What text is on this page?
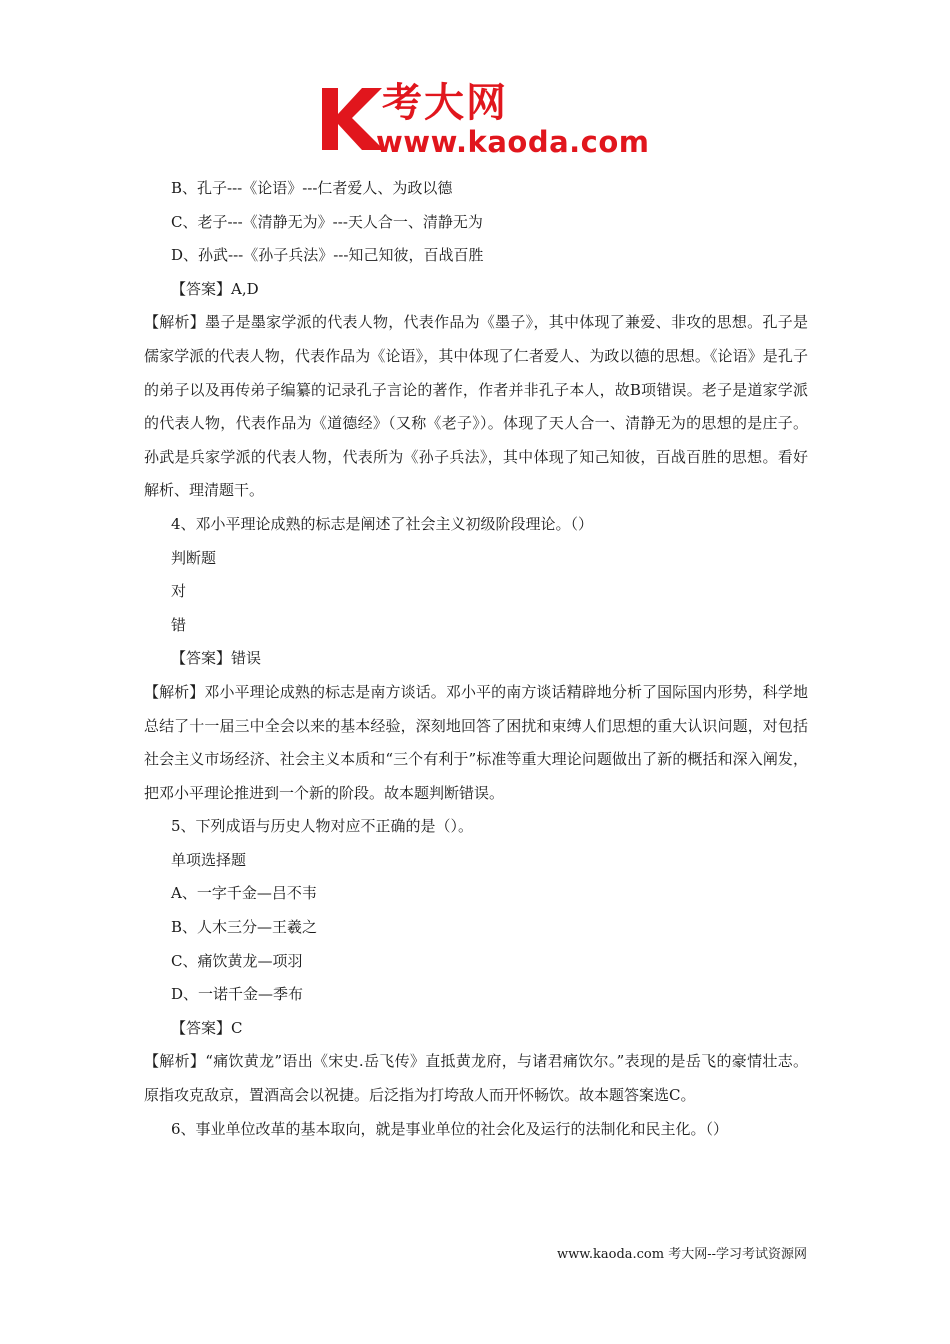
考大网
www.kaoda.com
B、孔子---《论语》---仁者爱人、为政以德
C、老子---《清静无为》---天人合一、清静无为
D、孙武---《孙子兵法》---知己知彼，百战百胜
【答案】A,D
【解析】墨子是墨家学派的代表人物，代表作品为《墨子》，其中体现了兼爱、非攻的思想。孔子是儒家学派的代表人物，代表作品为《论语》，其中体现了仁者爱人、为政以德的思想。《论语》是孔子的弟子以及再传弟子编纂的记录孔子言论的著作，作者并非孔子本人，故B项错误。老子是道家学派的代表人物，代表作品为《道德经》（又称《老子》）。体现了天人合一、清静无为的思想的是庄子。孙武是兵家学派的代表人物，代表所为《孙子兵法》，其中体现了知己知彼，百战百胜的思想。看好解析、理清题干。
4、邓小平理论成熟的标志是阐述了社会主义初级阶段理论。（）
判断题
对
错
【答案】错误
【解析】邓小平理论成熟的标志是南方谈话。邓小平的南方谈话精辟地分析了国际国内形势，科学地总结了十一届三中全会以来的基本经验，深刻地回答了困扰和束缚人们思想的重大认识问题，对包括社会主义市场经济、社会主义本质和“三个有利于”标准等重大理论问题做出了新的概括和深入阐发，把邓小平理论推进到一个新的阶段。故本题判断错误。
5、下列成语与历史人物对应不正确的是（）。
单项选择题
A、一字千金—吕不韦
B、人木三分—王羲之
C、痛饮黄龙—项羽
D、一诺千金—季布
【答案】C
【解析】“痛饮黄龙”语出《宋史.岳飞传》直抵黄龙府，与诸君痛饮尔。”表现的是岳飞的豪情壮志。原指攻克敌京，置酒高会以祝捷。后泛指为打垮敌人而开怀畅饮。故本题答案选C。
6、事业单位改革的基本取向，就是事业单位的社会化及运行的法制化和民主化。（）
www.kaoda.com 考大网--学习考试资源网
